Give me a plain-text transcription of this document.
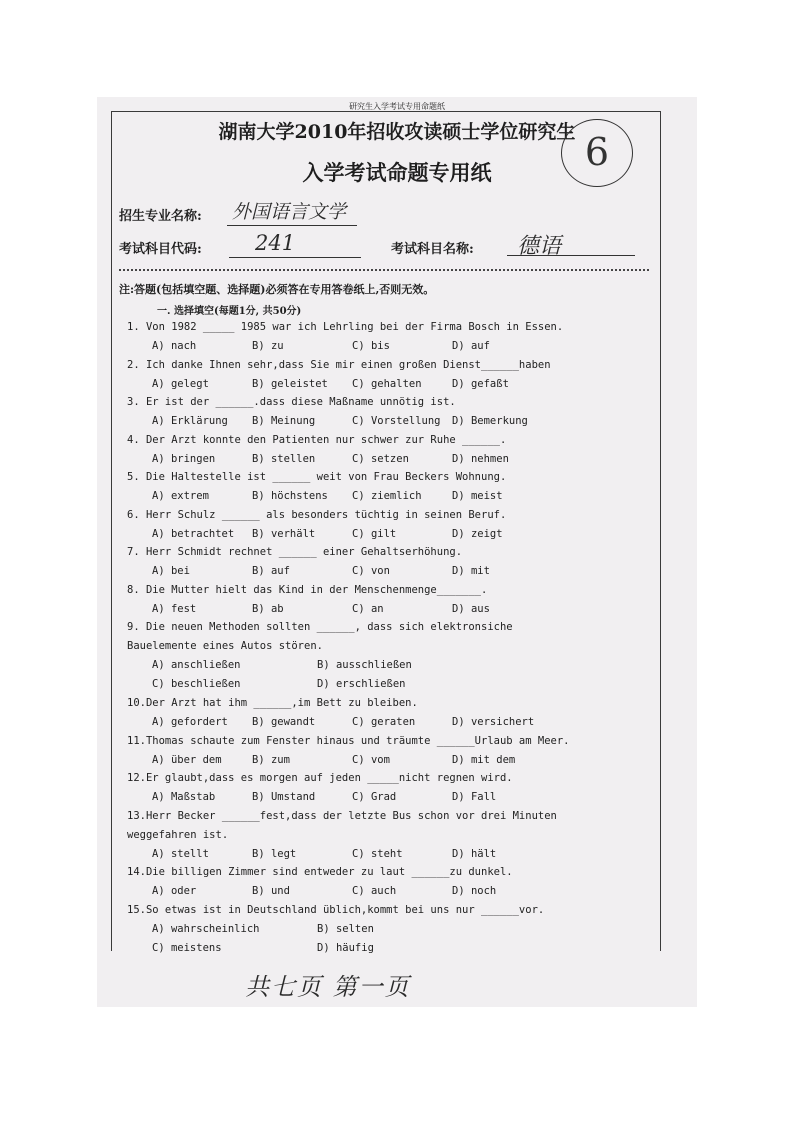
研究生入学考试专用命题纸
湖南大学2010年招收攻读硕士学位研究生
入学考试命题专用纸	6
招生专业名称: 外国语言文学
考试科目代码:	241	考试科目名称: 德语
注:答题(包括填空题、选择题)必须答在专用答卷纸上,否则无效。
一. 选择填空(每题1分, 共50分)
1. Von 1982 _____ 1985 war ich Lehrling bei der Firma Bosch in Essen.
A) nach	B) zu	C) bis	D) auf
2. Ich danke Ihnen sehr,dass Sie mir einen großen Dienst______haben
A) gelegt	B) geleistet C) gehalten	D) gefaßt
3. Er ist der ______.dass diese Maßname unnötig ist.
A) Erklärung B) Meinung	C) Vorstellung D) Bemerkung
4. Der Arzt konnte den Patienten nur schwer zur Ruhe ______.
A) bringen	B) stellen	C) setzen	D) nehmen
5. Die Haltestelle ist ______ weit von Frau Beckers Wohnung.
A) extrem	B) höchstens C) ziemlich	D) meist
6. Herr Schulz ______ als besonders tüchtig in seinen Beruf.
A) betrachtet B) verhält	C) gilt	D) zeigt
7. Herr Schmidt rechnet ______ einer Gehaltserhöhung.
A) bei	B) auf	C) von	D) mit
8. Die Mutter hielt das Kind in der Menschenmenge_______.
A) fest	B) ab	C) an	D) aus
9. Die neuen Methoden sollten ______, dass sich elektronsiche
Bauelemente eines Autos stören.
A) anschließen	B) ausschließen
C) beschließen	D) erschließen
10.Der Arzt hat ihm ______,im Bett zu bleiben.
A) gefordert B) gewandt	C) geraten	D) versichert
11.Thomas schaute zum Fenster hinaus und träumte ______Urlaub am Meer.
A) über dem	B) zum	C) vom	D) mit dem
12.Er glaubt,dass es morgen auf jeden _____nicht regnen wird.
A) Maßstab	B) Umstand	C) Grad	D) Fall
13.Herr Becker ______fest,dass der letzte Bus schon vor drei Minuten
weggefahren ist.
A) stellt	B) legt	C) steht	D) hält
14.Die billigen Zimmer sind entweder zu laut ______zu dunkel.
A) oder	B) und	C) auch	D) noch
15.So etwas ist in Deutschland üblich,kommt bei uns nur ______vor.
A) wahrscheinlich	B) selten
C) meistens	D) häufig
共七页 第一页
